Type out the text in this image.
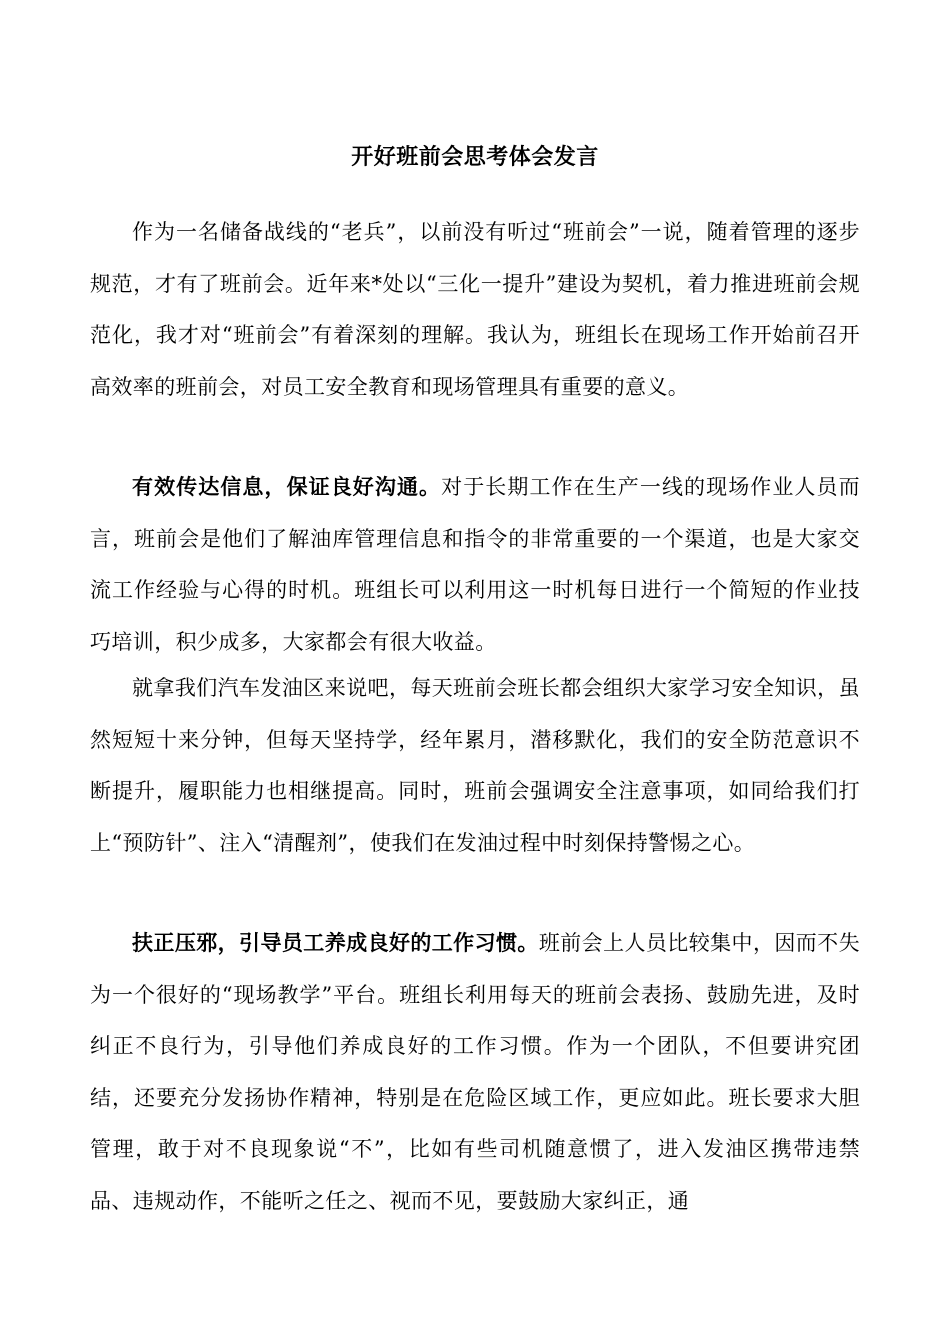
开好班前会思考体会发言

作为一名储备战线的“老兵”，以前没有听过“班前会”一说，随着管理的逐步规范，才有了班前会。近年来*处以“三化一提升”建设为契机，着力推进班前会规范化，我才对“班前会”有着深刻的理解。我认为，班组长在现场工作开始前召开高效率的班前会，对员工安全教育和现场管理具有重要的意义。

有效传达信息，保证良好沟通。对于长期工作在生产一线的现场作业人员而言，班前会是他们了解油库管理信息和指令的非常重要的一个渠道，也是大家交流工作经验与心得的时机。班组长可以利用这一时机每日进行一个简短的作业技巧培训，积少成多，大家都会有很大收益。

就拿我们汽车发油区来说吧，每天班前会班长都会组织大家学习安全知识，虽然短短十来分钟，但每天坚持学，经年累月，潜移默化，我们的安全防范意识不断提升，履职能力也相继提高。同时，班前会强调安全注意事项，如同给我们打上“预防针”、注入“清醒剂”，使我们在发油过程中时刻保持警惕之心。

扶正压邪，引导员工养成良好的工作习惯。班前会上人员比较集中，因而不失为一个很好的“现场教学”平台。班组长利用每天的班前会表扬、鼓励先进，及时纠正不良行为，引导他们养成良好的工作习惯。作为一个团队，不但要讲究团结，还要充分发扬协作精神，特别是在危险区域工作，更应如此。班长要求大胆管理，敢于对不良现象说“不”，比如有些司机随意惯了，进入发油区携带违禁品、违规动作，不能听之任之、视而不见，要鼓励大家纠正，通
